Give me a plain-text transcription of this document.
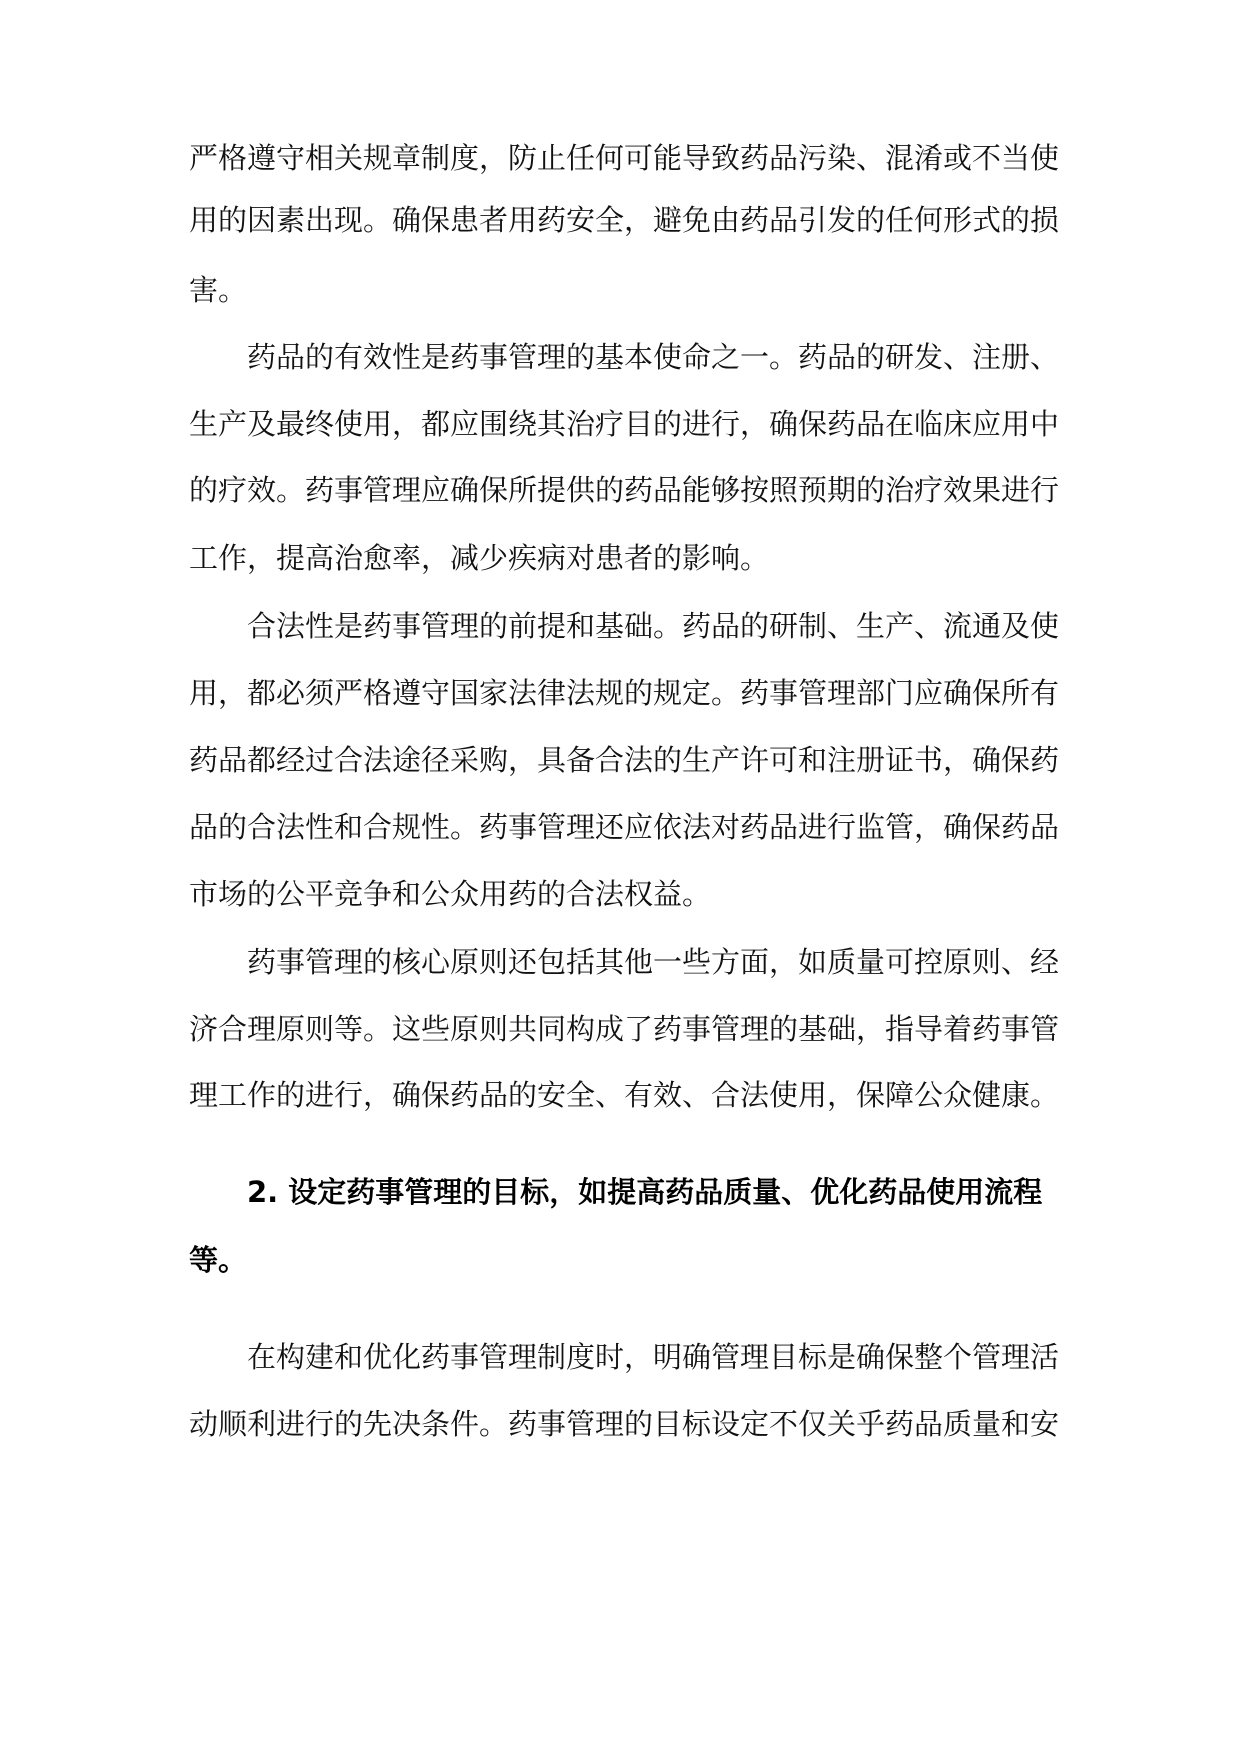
严格遵守相关规章制度，防止任何可能导致药品污染、混淆或不当使
用的因素出现。确保患者用药安全，避免由药品引发的任何形式的损
害。
药品的有效性是药事管理的基本使命之一。药品的研发、注册、
生产及最终使用，都应围绕其治疗目的进行，确保药品在临床应用中
的疗效。药事管理应确保所提供的药品能够按照预期的治疗效果进行
工作，提高治愈率，减少疾病对患者的影响。
合法性是药事管理的前提和基础。药品的研制、生产、流通及使
用，都必须严格遵守国家法律法规的规定。药事管理部门应确保所有
药品都经过合法途径采购，具备合法的生产许可和注册证书，确保药
品的合法性和合规性。药事管理还应依法对药品进行监管，确保药品
市场的公平竞争和公众用药的合法权益。
药事管理的核心原则还包括其他一些方面，如质量可控原则、经
济合理原则等。这些原则共同构成了药事管理的基础，指导着药事管
理工作的进行，确保药品的安全、有效、合法使用，保障公众健康。
2. 设定药事管理的目标，如提高药品质量、优化药品使用流程
等。
在构建和优化药事管理制度时，明确管理目标是确保整个管理活
动顺利进行的先决条件。药事管理的目标设定不仅关乎药品质量和安
